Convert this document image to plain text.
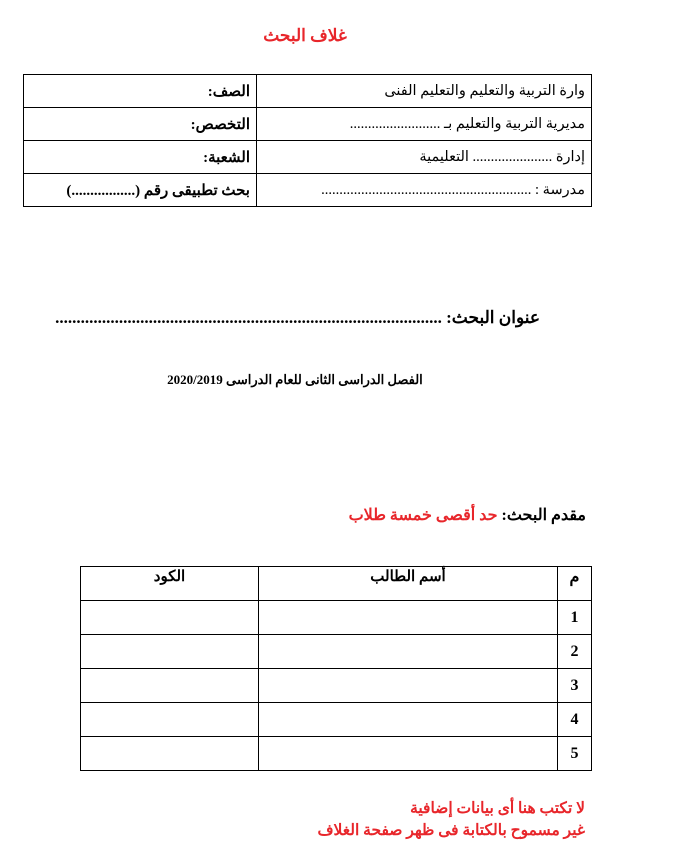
غلاف البحث
وارة التربية والتعليم والتعليم الفنى	الصف:
مديرية التربية والتعليم بـ .........................	التخصص:
إدارة ...................... التعليمية	الشعبة:
مدرسة : ..........................................................	بحث تطبيقى رقم (.................)
عنوان البحث: ...........................................................................................
الفصل الدراسى الثانى للعام الدراسى 2020/2019
مقدم البحث: حد أقصى خمسة طلاب
م	أسم الطالب	الكود
1		
2		
3		
4		
5		
لا تكتب هنا أى بيانات إضافية
غير مسموح بالكتابة فى ظهر صفحة الغلاف
